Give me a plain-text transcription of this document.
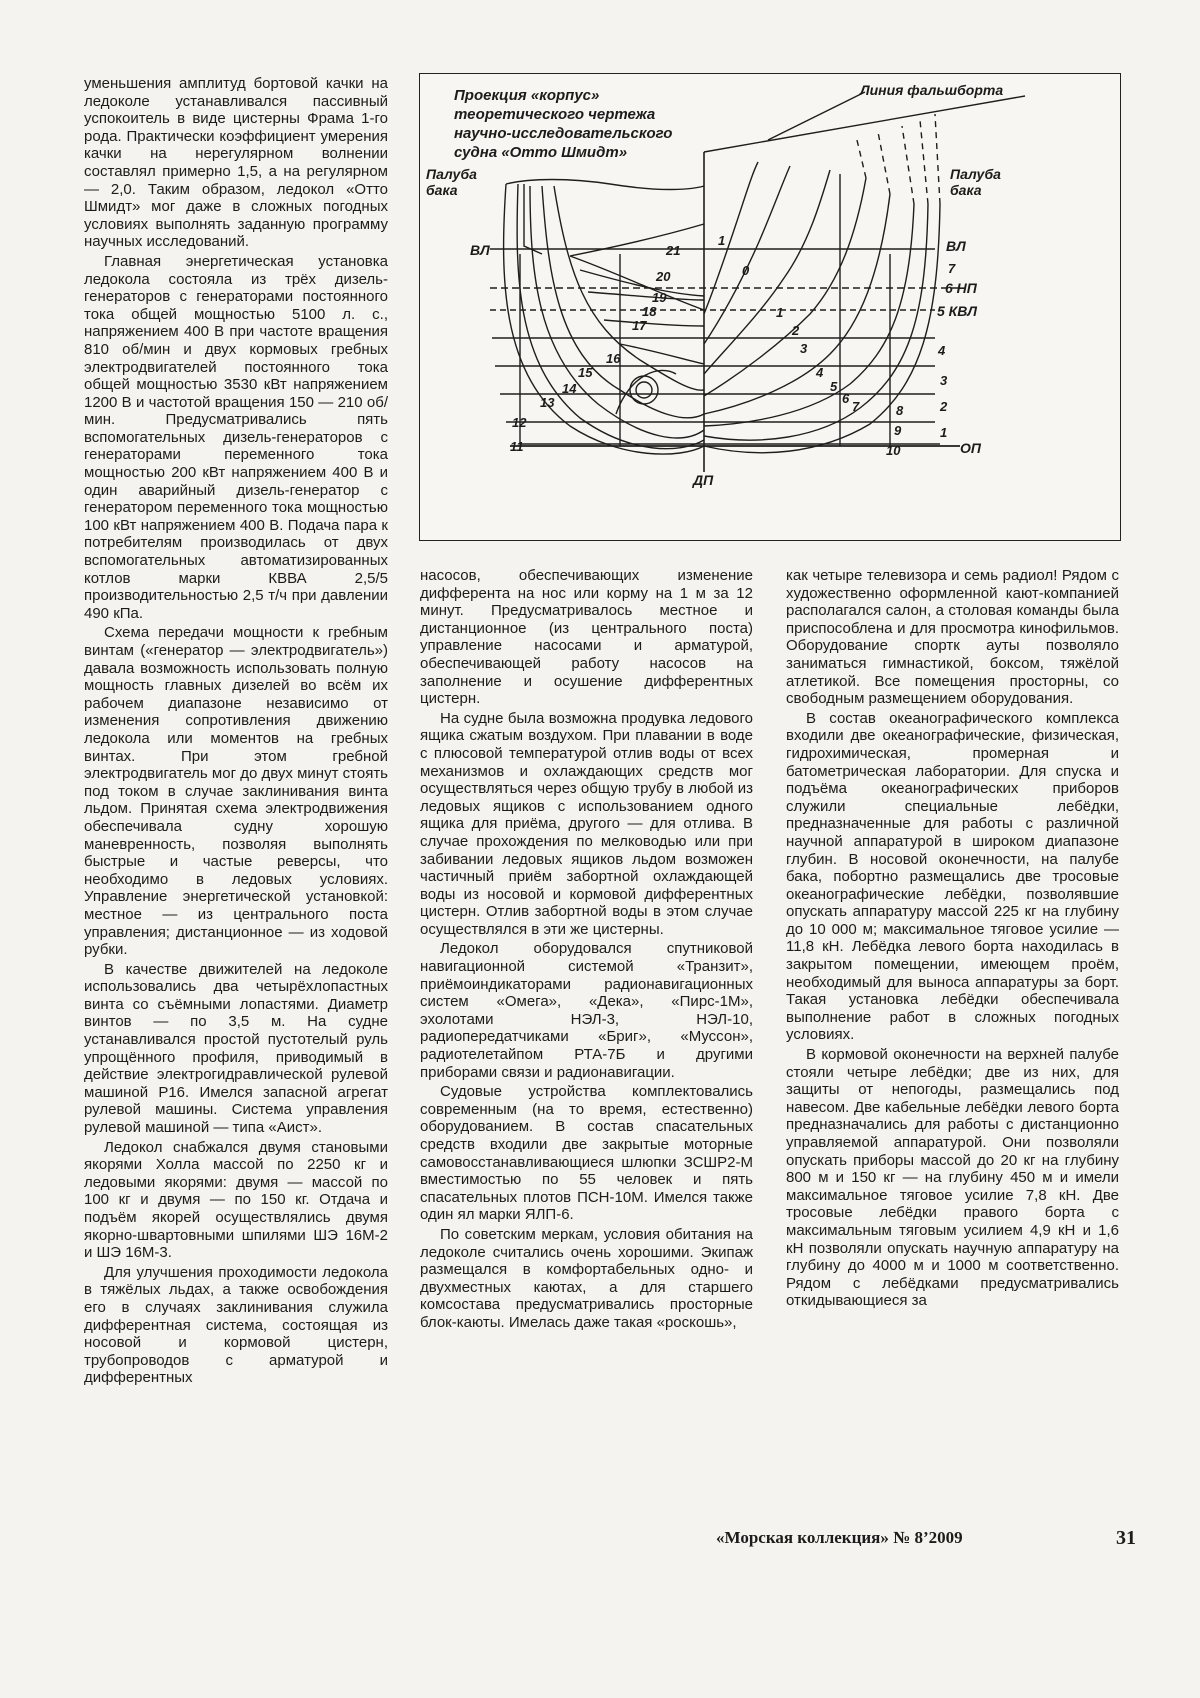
уменьшения амплитуд бортовой качки на ледоколе устанавливался пассивный успокоитель в виде цистерны Фрама 1-го рода. Практически коэффициент умерения качки на нерегулярном волнении составлял примерно 1,5, а на регулярном — 2,0. Таким образом, ледокол «Отто Шмидт» мог даже в сложных погодных условиях выполнять заданную программу научных исследований.

Главная энергетическая установка ледокола состояла из трёх дизель-генераторов с генераторами постоянного тока общей мощностью 5100 л. с., напряжением 400 В при частоте вращения 810 об/мин и двух кормовых гребных электродвигателей постоянного тока общей мощностью 3530 кВт напряжением 1200 В и частотой вращения 150 — 210 об/мин. Предусматривались пять вспомогательных дизель-генераторов с генераторами переменного тока мощностью 200 кВт напряжением 400 В и один аварийный дизель-генератор с генератором переменного тока мощностью 100 кВт напряжением 400 В. Подача пара к потребителям производилась от двух вспомогательных автоматизированных котлов марки КВВА 2,5/5 производительностью 2,5 т/ч при давлении 490 кПа.

Схема передачи мощности к гребным винтам («генератор — электродвигатель») давала возможность использовать полную мощность главных дизелей во всём их рабочем диапазоне независимо от изменения сопротивления движению ледокола или моментов на гребных винтах. При этом гребной электродвигатель мог до двух минут стоять под током в случае заклинивания винта льдом. Принятая схема электродвижения обеспечивала судну хорошую маневренность, позволяя выполнять быстрые и частые реверсы, что необходимо в ледовых условиях. Управление энергетической установкой: местное — из центрального поста управления; дистанционное — из ходовой рубки.

В качестве движителей на ледоколе использовались два четырёхлопастных винта со съёмными лопастями. Диаметр винтов — по 3,5 м. На судне устанавливался простой пустотелый руль упрощённого профиля, приводимый в действие электрогидравлической рулевой машиной Р16. Имелся запасной агрегат рулевой машины. Система управления рулевой машиной — типа «Аист».

Ледокол снабжался двумя становыми якорями Холла массой по 2250 кг и ледовыми якорями: двумя — массой по 100 кг и двумя — по 150 кг. Отдача и подъём якорей осуществлялись двумя якорно-швартовными шпилями ШЭ 16М-2 и ШЭ 16М-3.

Для улучшения проходимости ледокола в тяжёлых льдах, а также освобождения его в случаях заклинивания служила дифферентная система, состоящая из носовой и кормовой цистерн, трубопроводов с арматурой и дифферентных

Проекция «корпус»
теоретического чертежа
научно-исследовательского
судна «Отто Шмидт»
Линия фальшборта
Палуба
бака
Палуба
бака
ВЛ	ВЛ
6 НП
5 КВЛ
ОП
ДП
21
20
19
18
17
16
15
14
13
12
11
1
0
1
2
3
4
5
6
7	8
9
10
7
4
3
2
1

насосов, обеспечивающих изменение дифферента на нос или корму на 1 м за 12 минут. Предусматривалось местное и дистанционное (из центрального поста) управление насосами и арматурой, обеспечивающей работу насосов на заполнение и осушение дифферентных цистерн.

На судне была возможна продувка ледового ящика сжатым воздухом. При плавании в воде с плюсовой температурой отлив воды от всех механизмов и охлаждающих средств мог осуществляться через общую трубу в любой из ледовых ящиков с использованием одного ящика для приёма, другого — для отлива. В случае прохождения по мелководью или при забивании ледовых ящиков льдом возможен частичный приём забортной охлаждающей воды из носовой и кормовой дифферентных цистерн. Отлив забортной воды в этом случае осуществлялся в эти же цистерны.

Ледокол оборудовался спутниковой навигационной системой «Транзит», приёмоиндикаторами радионавигационных систем «Омега», «Дека», «Пирс-1М», эхолотами НЭЛ-3, НЭЛ-10, радиопередатчиками «Бриг», «Муссон», радиотелетайпом РТА-7Б и другими приборами связи и радионавигации.

Судовые устройства комплектовались современным (на то время, естественно) оборудованием. В состав спасательных средств входили две закрытые моторные самовосстанавливающиеся шлюпки ЗСШР2-М вместимостью по 55 человек и пять спасательных плотов ПСН-10М. Имелся также один ял марки ЯЛП-6.

По советским меркам, условия обитания на ледоколе считались очень хорошими. Экипаж размещался в комфортабельных одно- и двухместных каютах, а для старшего комсостава предусматривались просторные блок-каюты. Имелась даже такая «роскошь»,

как четыре телевизора и семь радиол! Рядом с художественно оформленной кают-компанией располагался салон, а столовая команды была приспособлена и для просмотра кинофильмов. Оборудование спортк ауты позволяло заниматься гимнастикой, боксом, тяжёлой атлетикой. Все помещения просторны, со свободным размещением оборудования.

В состав океанографического комплекса входили две океанографические, физическая, гидрохимическая, промерная и батометрическая лаборатории. Для спуска и подъёма океанографических приборов служили специальные лебёдки, предназначенные для работы с различной научной аппаратурой в широком диапазоне глубин. В носовой оконечности, на палубе бака, побортно размещались две тросовые океанографические лебёдки, позволявшие опускать аппаратуру массой 225 кг на глубину до 10 000 м; максимальное тяговое усилие — 11,8 кН. Лебёдка левого борта находилась в закрытом помещении, имеющем проём, необходимый для выноса аппаратуры за борт. Такая установка лебёдки обеспечивала выполнение работ в сложных погодных условиях.

В кормовой оконечности на верхней палубе стояли четыре лебёдки; две из них, для защиты от непогоды, размещались под навесом. Две кабельные лебёдки левого борта предназначались для работы с дистанционно управляемой аппаратурой. Они позволяли опускать приборы массой до 20 кг на глубину 800 м и 150 кг — на глубину 450 м и имели максимальное тяговое усилие 7,8 кН. Две тросовые лебёдки правого борта с максимальным тяговым усилием 4,9 кН и 1,6 кН позволяли опускать научную аппаратуру на глубину до 4000 м и 1000 м соответственно. Рядом с лебёдками предусматривались откидывающиеся за

«Морская коллекция» № 8’2009	31
